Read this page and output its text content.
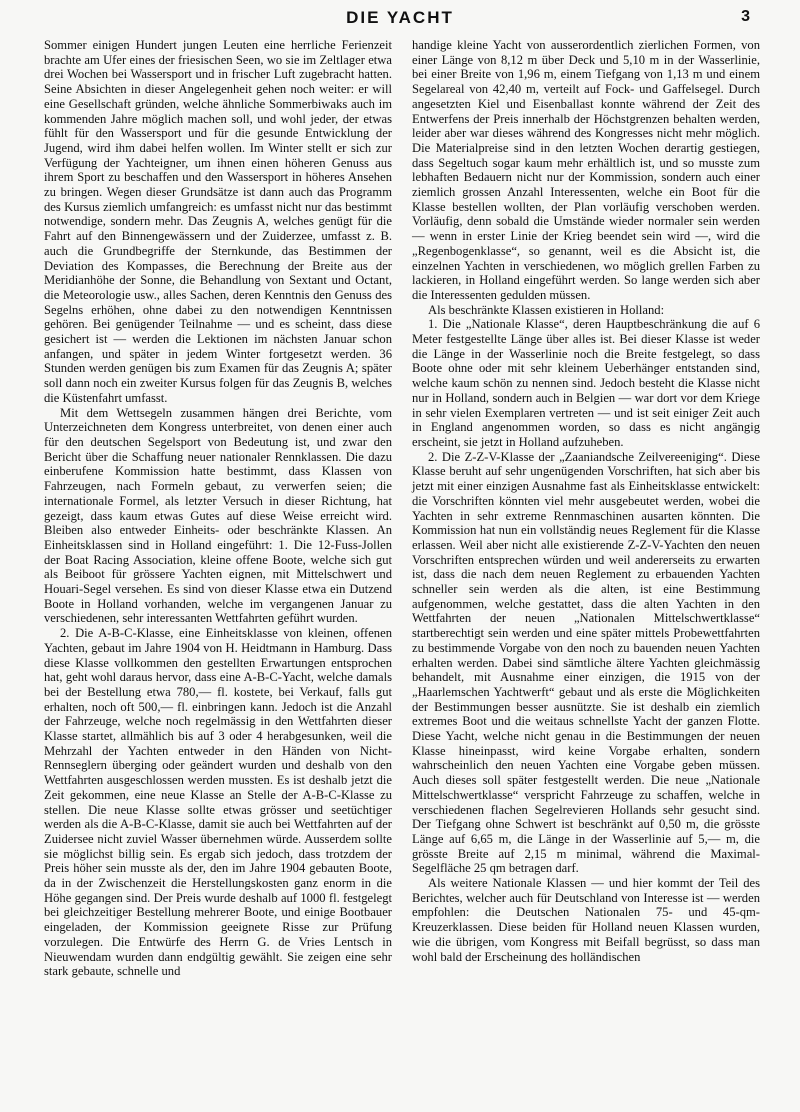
DIE YACHT	3

Sommer einigen Hundert jungen Leuten eine herrliche Ferienzeit brachte am Ufer eines der friesischen Seen, wo sie im Zeltlager etwa drei Wochen bei Wassersport und in frischer Luft zugebracht hatten. Seine Absichten in dieser Angelegenheit gehen noch weiter: er will eine Gesellschaft gründen, welche ähnliche Sommerbiwaks auch im kommenden Jahre möglich machen soll, und wohl jeder, der etwas fühlt für den Wassersport und für die gesunde Entwicklung der Jugend, wird ihm dabei helfen wollen. Im Winter stellt er sich zur Verfügung der Yachteigner, um ihnen einen höheren Genuss aus ihrem Sport zu beschaffen und den Wassersport in höheres Ansehen zu bringen. Wegen dieser Grundsätze ist dann auch das Programm des Kursus ziemlich umfangreich: es umfasst nicht nur das bestimmt notwendige, sondern mehr. Das Zeugnis A, welches genügt für die Fahrt auf den Binnengewässern und der Zuiderzee, umfasst z. B. auch die Grundbegriffe der Sternkunde, das Bestimmen der Deviation des Kompasses, die Berechnung der Breite aus der Meridianhöhe der Sonne, die Behandlung von Sextant und Octant, die Meteorologie usw., alles Sachen, deren Kenntnis den Genuss des Segelns erhöhen, ohne dabei zu den notwendigen Kenntnissen gehören. Bei genügender Teilnahme — und es scheint, dass diese gesichert ist — werden die Lektionen im nächsten Januar schon anfangen, und später in jedem Winter fortgesetzt werden. 36 Stunden werden genügen bis zum Examen für das Zeugnis A; später soll dann noch ein zweiter Kursus folgen für das Zeugnis B, welches die Küstenfahrt umfasst.

Mit dem Wettsegeln zusammen hängen drei Berichte, vom Unterzeichneten dem Kongress unterbreitet, von denen einer auch für den deutschen Segelsport von Bedeutung ist, und zwar den Bericht über die Schaffung neuer nationaler Rennklassen. Die dazu einberufene Kommission hatte bestimmt, dass Klassen von Fahrzeugen, nach Formeln gebaut, zu verwerfen seien; die internationale Formel, als letzter Versuch in dieser Richtung, hat gezeigt, dass kaum etwas Gutes auf diese Weise erreicht wird. Bleiben also entweder Einheits- oder beschränkte Klassen. An Einheitsklassen sind in Holland eingeführt: 1. Die 12-Fuss-Jollen der Boat Racing Association, kleine offene Boote, welche sich gut als Beiboot für grössere Yachten eignen, mit Mittelschwert und Houari-Segel versehen. Es sind von dieser Klasse etwa ein Dutzend Boote in Holland vorhanden, welche im vergangenen Januar zu verschiedenen, sehr interessanten Wettfahrten geführt wurden.

2. Die A-B-C-Klasse, eine Einheitsklasse von kleinen, offenen Yachten, gebaut im Jahre 1904 von H. Heidtmann in Hamburg. Dass diese Klasse vollkommen den gestellten Erwartungen entsprochen hat, geht wohl daraus hervor, dass eine A-B-C-Yacht, welche damals bei der Bestellung etwa 780,— fl. kostete, bei Verkauf, falls gut erhalten, noch oft 500,— fl. einbringen kann. Jedoch ist die Anzahl der Fahrzeuge, welche noch regelmässig in den Wettfahrten dieser Klasse startet, allmählich bis auf 3 oder 4 herabgesunken, weil die Mehrzahl der Yachten entweder in den Händen von Nicht-Rennseglern überging oder geändert wurden und deshalb von den Wettfahrten ausgeschlossen werden mussten. Es ist deshalb jetzt die Zeit gekommen, eine neue Klasse an Stelle der A-B-C-Klasse zu stellen. Die neue Klasse sollte etwas grösser und seetüchtiger werden als die A-B-C-Klasse, damit sie auch bei Wettfahrten auf der Zuidersee nicht zuviel Wasser übernehmen würde. Ausserdem sollte sie möglichst billig sein. Es ergab sich jedoch, dass trotzdem der Preis höher sein musste als der, den im Jahre 1904 gebauten Boote, da in der Zwischenzeit die Herstellungskosten ganz enorm in die Höhe gegangen sind. Der Preis wurde deshalb auf 1000 fl. festgelegt bei gleichzeitiger Bestellung mehrerer Boote, und einige Bootbauer eingeladen, der Kommission geeignete Risse zur Prüfung vorzulegen. Die Entwürfe des Herrn G. de Vries Lentsch in Nieuwendam wurden dann endgültig gewählt. Sie zeigen eine sehr stark gebaute, schnelle und

handige kleine Yacht von ausserordentlich zierlichen Formen, von einer Länge von 8,12 m über Deck und 5,10 m in der Wasserlinie, bei einer Breite von 1,96 m, einem Tiefgang von 1,13 m und einem Segelareal von 42,40 m, verteilt auf Fock- und Gaffelsegel. Durch angesetzten Kiel und Eisenballast konnte während der Zeit des Entwerfens der Preis innerhalb der Höchstgrenzen behalten werden, leider aber war dieses während des Kongresses nicht mehr möglich. Die Materialpreise sind in den letzten Wochen derartig gestiegen, dass Segeltuch sogar kaum mehr erhältlich ist, und so musste zum lebhaften Bedauern nicht nur der Kommission, sondern auch einer ziemlich grossen Anzahl Interessenten, welche ein Boot für die Klasse bestellen wollten, der Plan vorläufig verschoben werden. Vorläufig, denn sobald die Umstände wieder normaler sein werden — wenn in erster Linie der Krieg beendet sein wird —, wird die „Regenbogenklasse“, so genannt, weil es die Absicht ist, die einzelnen Yachten in verschiedenen, wo möglich grellen Farben zu lackieren, in Holland eingeführt werden. So lange werden sich aber die Interessenten gedulden müssen.

Als beschränkte Klassen existieren in Holland:

1. Die „Nationale Klasse“, deren Hauptbeschränkung die auf 6 Meter festgestellte Länge über alles ist. Bei dieser Klasse ist weder die Länge in der Wasserlinie noch die Breite festgelegt, so dass Boote ohne oder mit sehr kleinem Ueberhänger entstanden sind, welche kaum schön zu nennen sind. Jedoch besteht die Klasse nicht nur in Holland, sondern auch in Belgien — war dort vor dem Kriege in sehr vielen Exemplaren vertreten — und ist seit einiger Zeit auch in England angenommen worden, so dass es nicht angängig erscheint, sie jetzt in Holland aufzuheben.

2. Die Z-Z-V-Klasse der „Zaaniandsche Zeilvereeniging“. Diese Klasse beruht auf sehr ungenügenden Vorschriften, hat sich aber bis jetzt mit einer einzigen Ausnahme fast als Einheitsklasse entwickelt: die Vorschriften könnten viel mehr ausgebeutet werden, wobei die Yachten in sehr extreme Rennmaschinen ausarten könnten. Die Kommission hat nun ein vollständig neues Reglement für die Klasse erlassen. Weil aber nicht alle existierende Z-Z-V-Yachten den neuen Vorschriften entsprechen würden und weil andererseits zu erwarten ist, dass die nach dem neuen Reglement zu erbauenden Yachten schneller sein werden als die alten, ist eine Bestimmung aufgenommen, welche gestattet, dass die alten Yachten in den Wettfahrten der neuen „Nationalen Mittelschwertklasse“ startberechtigt sein werden und eine später mittels Probewettfahrten zu bestimmende Vorgabe von den noch zu bauenden neuen Yachten erhalten werden. Dabei sind sämtliche ältere Yachten gleichmässig behandelt, mit Ausnahme einer einzigen, die 1915 von der „Haarlemschen Yachtwerft“ gebaut und als erste die Möglichkeiten der Bestimmungen besser ausnützte. Sie ist deshalb ein ziemlich extremes Boot und die weitaus schnellste Yacht der ganzen Flotte. Diese Yacht, welche nicht genau in die Bestimmungen der neuen Klasse hineinpasst, wird keine Vorgabe erhalten, sondern wahrscheinlich den neuen Yachten eine Vorgabe geben müssen. Auch dieses soll später festgestellt werden. Die neue „Nationale Mittelschwertklasse“ verspricht Fahrzeuge zu schaffen, welche in verschiedenen flachen Segelrevieren Hollands sehr gesucht sind. Der Tiefgang ohne Schwert ist beschränkt auf 0,50 m, die grösste Länge auf 6,65 m, die Länge in der Wasserlinie auf 5,— m, die grösste Breite auf 2,15 m minimal, während die Maximal-Segelfläche 25 qm betragen darf.

Als weitere Nationale Klassen — und hier kommt der Teil des Berichtes, welcher auch für Deutschland von Interesse ist — werden empfohlen: die Deutschen Nationalen 75- und 45-qm-Kreuzerklassen. Diese beiden für Holland neuen Klassen wurden, wie die übrigen, vom Kongress mit Beifall begrüsst, so dass man wohl bald der Erscheinung des holländischen
